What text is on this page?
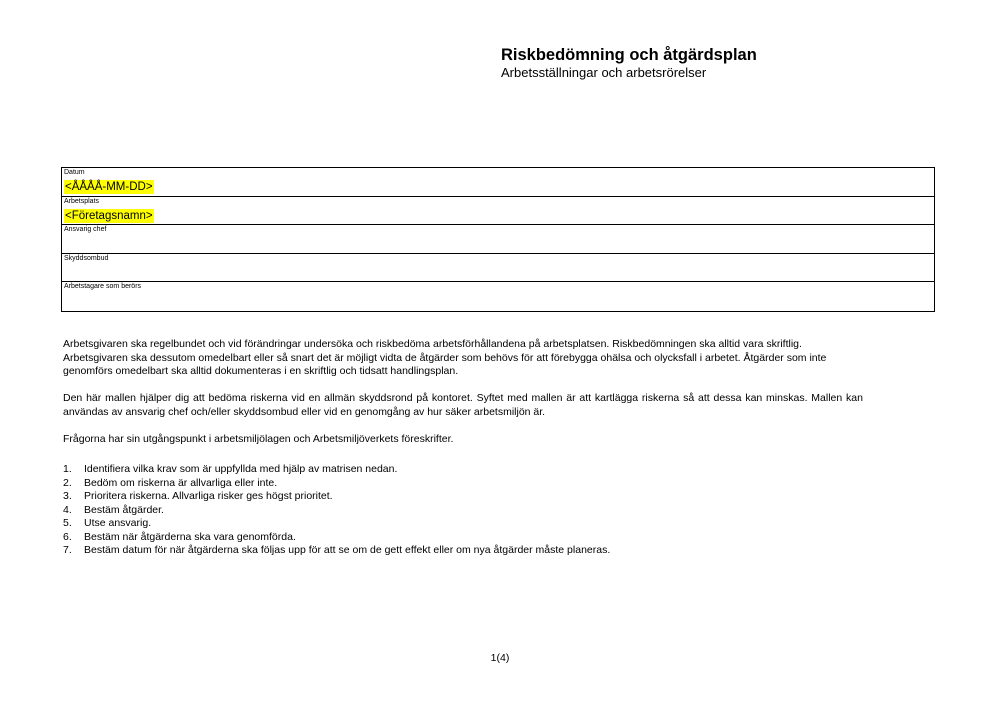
Riskbedömning och åtgärdsplan
Arbetsställningar och arbetsrörelser
Datum
<ÅÅÅÅ-MM-DD>
Arbetsplats
<Företagsnamn>
Ansvarig chef
Skyddsombud
Arbetstagare som berörs

Arbetsgivaren ska regelbundet och vid förändringar undersöka och riskbedöma arbetsförhållandena på arbetsplatsen. Riskbedömningen ska alltid vara skriftlig. Arbetsgivaren ska dessutom omedelbart eller så snart det är möjligt vidta de åtgärder som behövs för att förebygga ohälsa och olycksfall i arbetet. Åtgärder som inte genomförs omedelbart ska alltid dokumenteras i en skriftlig och tidsatt handlingsplan.

Den här mallen hjälper dig att bedöma riskerna vid en allmän skyddsrond på kontoret. Syftet med mallen är att kartlägga riskerna så att dessa kan minskas. Mallen kan användas av ansvarig chef och/eller skyddsombud eller vid en genomgång av hur säker arbetsmiljön är.

Frågorna har sin utgångspunkt i arbetsmiljölagen och Arbetsmiljöverkets föreskrifter.

1.	Identifiera vilka krav som är uppfyllda med hjälp av matrisen nedan.
2.	Bedöm om riskerna är allvarliga eller inte.
3.	Prioritera riskerna. Allvarliga risker ges högst prioritet.
4.	Bestäm åtgärder.
5.	Utse ansvarig.
6.	Bestäm när åtgärderna ska vara genomförda.
7.	Bestäm datum för när åtgärderna ska följas upp för att se om de gett effekt eller om nya åtgärder måste planeras.
1(4)
